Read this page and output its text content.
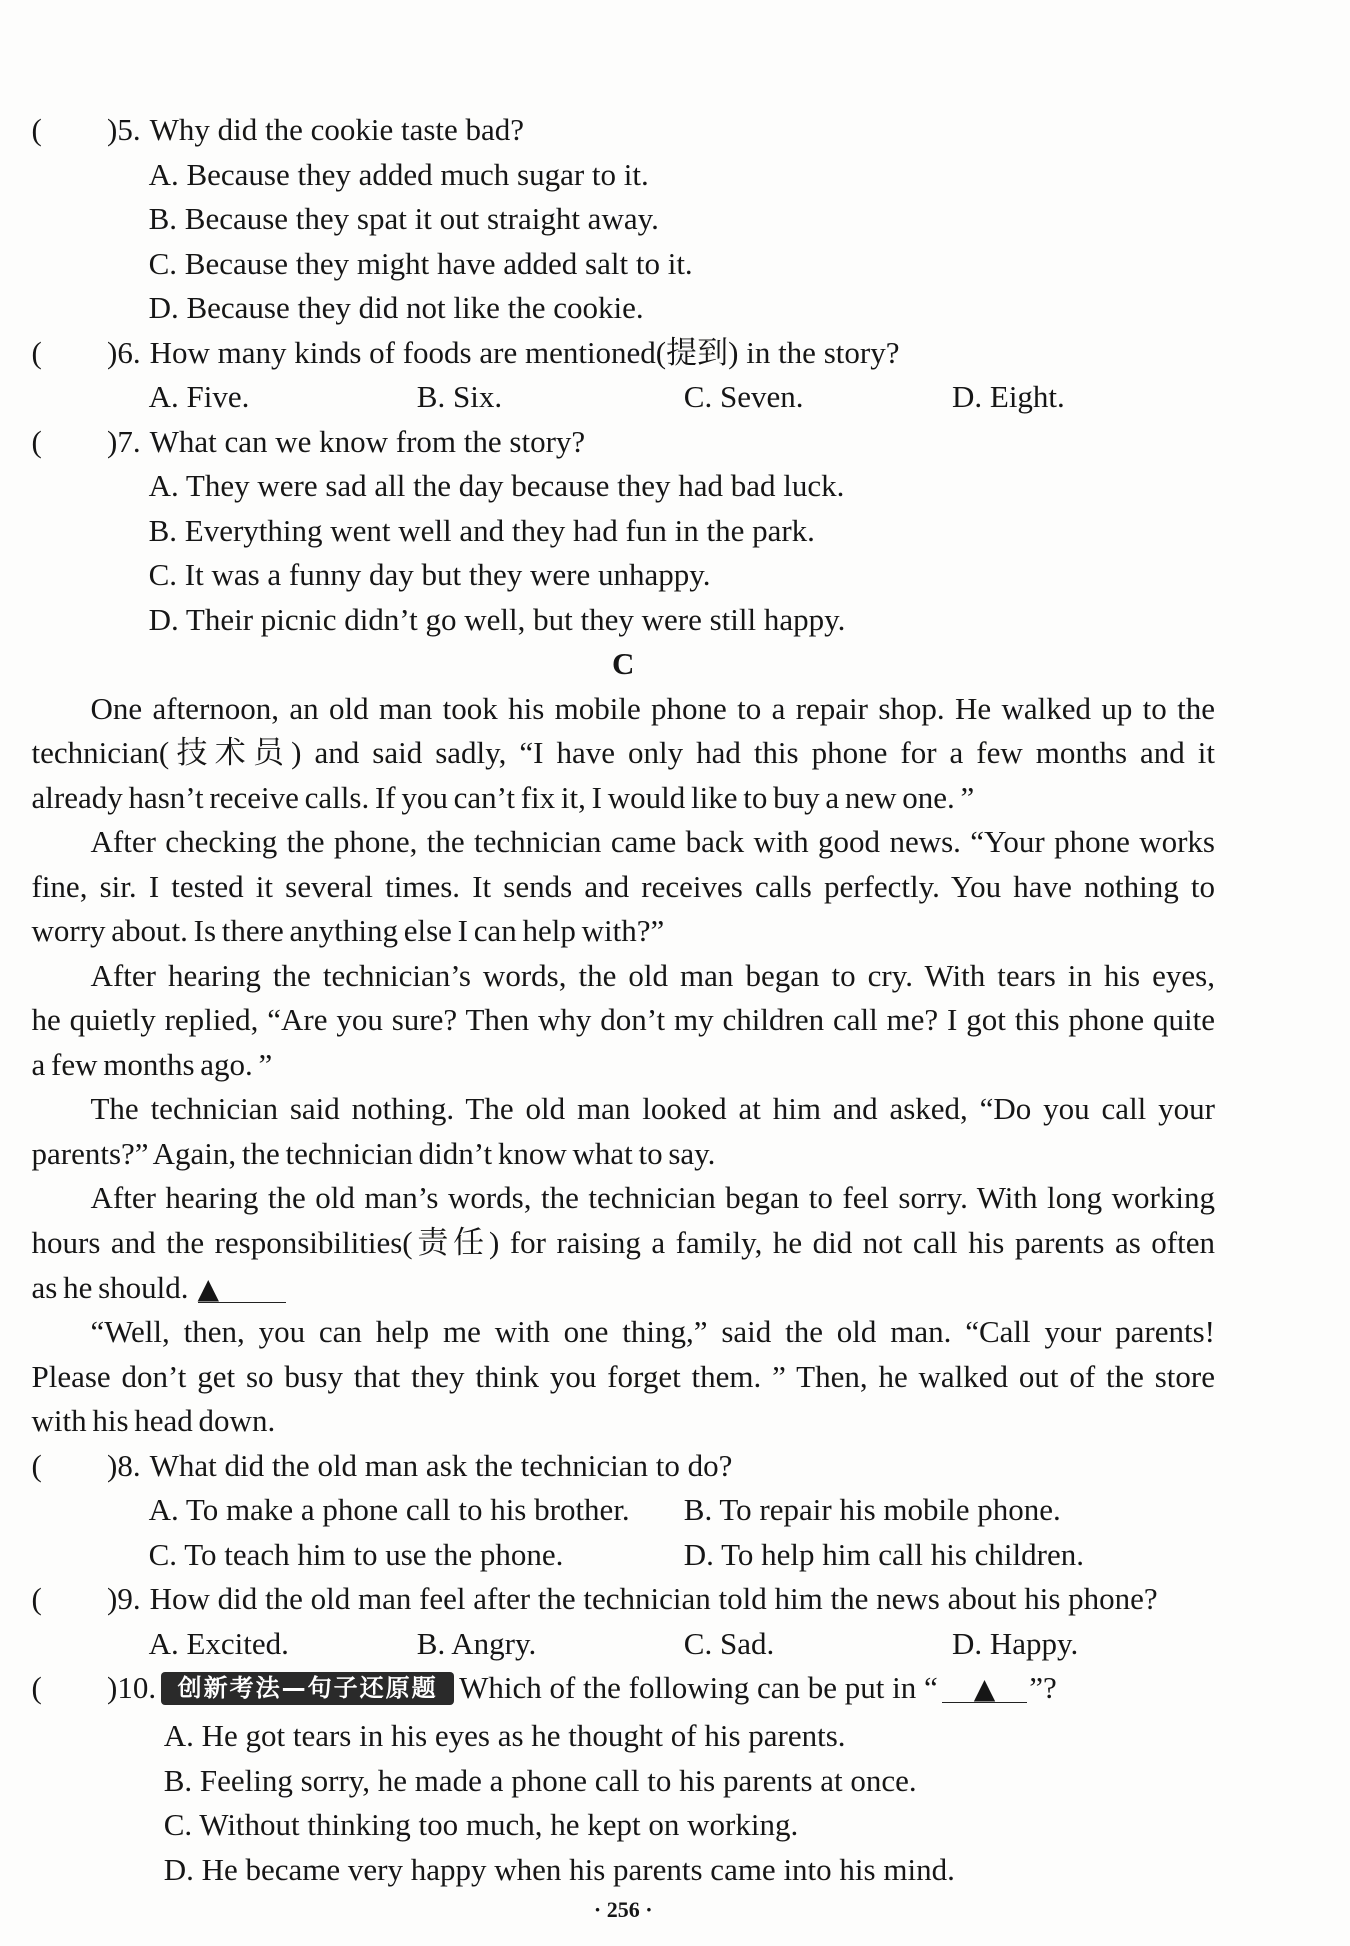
( )5. Why did the cookie taste bad?
A. Because they added much sugar to it.
B. Because they spat it out straight away.
C. Because they might have added salt to it.
D. Because they did not like the cookie.
( )6. How many kinds of foods are mentioned(提到) in the story?
A. Five.	B. Six.	C. Seven.	D. Eight.
( )7. What can we know from the story?
A. They were sad all the day because they had bad luck.
B. Everything went well and they had fun in the park.
C. It was a funny day but they were unhappy.
D. Their picnic didn’t go well, but they were still happy.
C
One afternoon, an old man took his mobile phone to a repair shop. He walked up to the
technician(技术员) and said sadly, “I have only had this phone for a few months and it
already hasn’t receive calls. If you can’t fix it, I would like to buy a new one. ”
After checking the phone, the technician came back with good news. “Your phone works
fine, sir. I tested it several times. It sends and receives calls perfectly. You have nothing to
worry about. Is there anything else I can help with?”
After hearing the technician’s words, the old man began to cry. With tears in his eyes,
he quietly replied, “Are you sure? Then why don’t my children call me? I got this phone quite
a few months ago. ”
The technician said nothing. The old man looked at him and asked, “Do you call your
parents?” Again, the technician didn’t know what to say.
After hearing the old man’s words, the technician began to feel sorry. With long working
hours and the responsibilities(责任) for raising a family, he did not call his parents as often
as he should. ▲
“Well, then, you can help me with one thing,” said the old man. “Call your parents!
Please don’t get so busy that they think you forget them. ” Then, he walked out of the store
with his head down.
( )8. What did the old man ask the technician to do?
A. To make a phone call to his brother. B. To repair his mobile phone.
C. To teach him to use the phone.	D. To help him call his children.
( )9. How did the old man feel after the technician told him the news about his phone?
A. Excited.	B. Angry.	C. Sad.	D. Happy.
( )10. 创新考法—句子还原题 Which of the following can be put in “ ▲ ”?
A. He got tears in his eyes as he thought of his parents.
B. Feeling sorry, he made a phone call to his parents at once.
C. Without thinking too much, he kept on working.
D. He became very happy when his parents came into his mind.
· 256 ·
